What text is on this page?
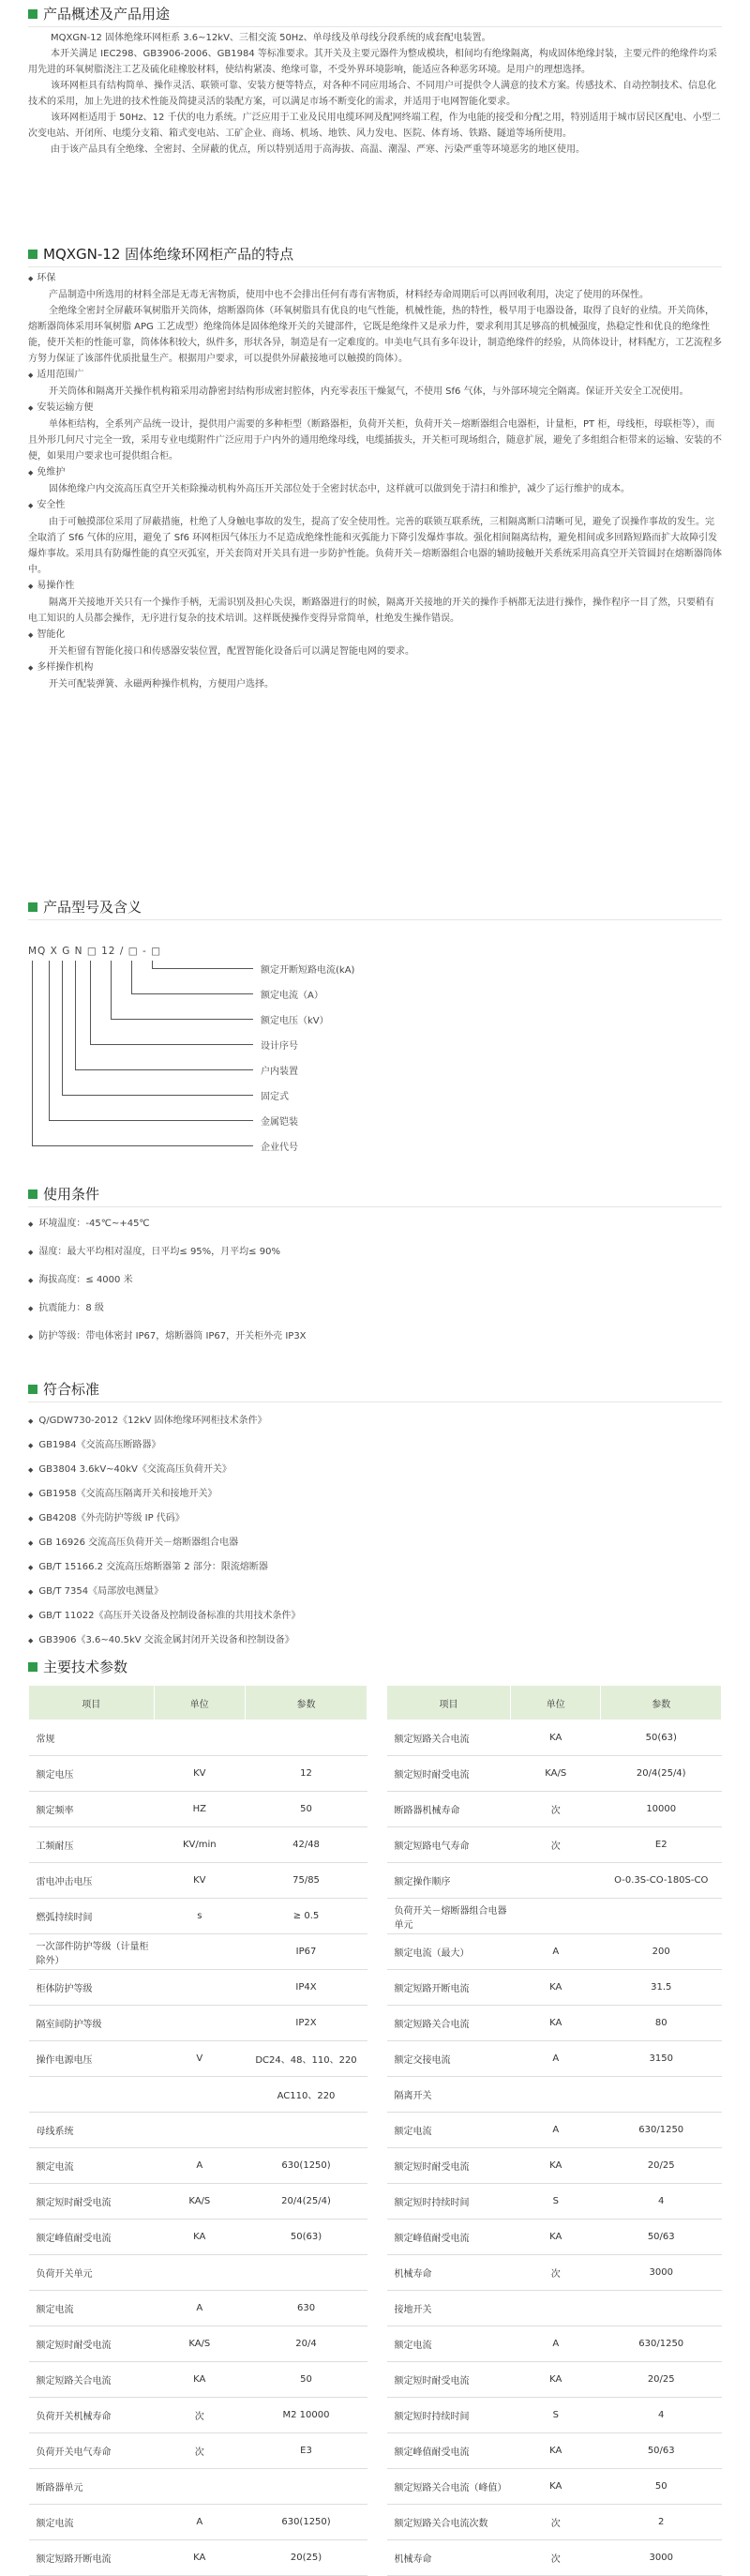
产品概述及产品用途
MQXGN-12 固体绝缘环网柜系 3.6~12kV、三相交流 50Hz、单母线及单母线分段系统的成套配电装置。
本开关满足 IEC298、GB3906-2006、GB1984 等标准要求。其开关及主要元器件为整成模块，相间均有绝缘隔离，构成固体绝缘封装，主要元件的绝缘件均采用先进的环氧树脂浇注工艺及硫化硅橡胶材料，使结构紧凑、绝缘可靠，不受外界环境影响，能适应各种恶劣环境。是用户的理想选择。
该环网柜具有结构简单、操作灵活、联锁可靠、安装方便等特点，对各种不同应用场合、不同用户可提供令人满意的技术方案。传感技术、自动控制技术、信息化技术的采用，加上先进的技术性能及简捷灵活的装配方案，可以满足市场不断变化的需求，并适用于电网智能化要求。
该环网柜适用于 50Hz、12 千伏的电力系统。广泛应用于工业及民用电缆环网及配网终端工程，作为电能的接受和分配之用，特别适用于城市居民区配电、小型二次变电站、开闭所、电缆分支箱、箱式变电站、工矿企业、商场、机场、地铁、风力发电、医院、体育场、铁路、隧道等场所使用。
由于该产品具有全绝缘、全密封、全屏蔽的优点，所以特别适用于高海拔、高温、潮湿、严寒、污染严重等环境恶劣的地区使用。
MQXGN-12 固体绝缘环网柜产品的特点
◆ 环保
产品制造中所选用的材料全部是无毒无害物质，使用中也不会排出任何有毒有害物质，材料经寿命周期后可以再回收利用，决定了使用的环保性。
全绝缘全密封全屏蔽环氧树脂开关筒体，熔断器筒体（环氧树脂具有优良的电气性能，机械性能，热的特性，极早用于电器设备，取得了良好的业绩。开关筒体，熔断器筒体采用环氧树脂 APG 工艺成型）绝缘筒体是固体绝缘开关的关键部件，它既是绝缘件又是承力件，要求利用其足够高的机械强度，热稳定性和优良的绝缘性能，使开关柜的性能可靠，筒体体积较大，纵件多，形状各异，制造是有一定难度的。申美电气具有多年设计，制造绝缘件的经验，从筒体设计，材料配方，工艺流程多方努力保证了该部件优质批量生产。根据用户要求，可以提供外屏蔽接地可以触摸的筒体）。
◆ 适用范围广
开关筒体和隔离开关操作机构箱采用动静密封结构形成密封腔体，内充零表压干燥氮气，不使用 Sf6 气体，与外部环境完全隔离。保证开关安全工况使用。
◆ 安装运输方便
单体柜结构，全系列产品统一设计，提供用户需要的多种柜型（断路器柜，负荷开关柜，负荷开关－熔断器组合电器柜，计量柜，PT 柜，母线柜，母联柜等），而且外形几何尺寸完全一致，采用专业电缆附件广泛应用于户内外的通用绝缘母线，电缆插拔头，开关柜可现场组合，随意扩展，避免了多组组合柜带来的运输、安装的不便，如果用户要求也可提供组合柜。
◆ 免维护
固体绝缘户内交流高压真空开关柜除操动机构外高压开关部位处于全密封状态中，这样就可以做到免于清扫和维护，减少了运行维护的成本。
◆ 安全性
由于可触摸部位采用了屏蔽措施，杜绝了人身触电事故的发生，提高了安全使用性。完善的联锁互联系统，三相隔离断口清晰可见，避免了误操作事故的发生。完全取消了 Sf6 气体的应用，避免了 Sf6 环网柜因气体压力不足造成绝缘性能和灭弧能力下降引发爆炸事故。强化相间隔离结构，避免相间或多回路短路而扩大故障引发爆炸事故。采用具有防爆性能的真空灭弧室，开关套筒对开关具有进一步防护性能。负荷开关－熔断器组合电器的辅助接触开关系统采用高真空开关管圆封在熔断器筒体中。
◆ 易操作性
隔离开关接地开关只有一个操作手柄，无需识别及担心失误，断路器进行的时候，隔离开关接地的开关的操作手柄都无法进行操作，操作程序一目了然，只要稍有电工知识的人员都会操作，无序进行复杂的技术培训。这样既使操作变得异常简单，杜绝发生操作错误。
◆ 智能化
开关柜留有智能化接口和传感器安装位置，配置智能化设备后可以满足智能电网的要求。
◆ 多样操作机构
开关可配装弹簧、永磁两种操作机构，方便用户选择。
产品型号及含义
MQ X G N □ 12 / □ - □
额定开断短路电流(kA)
额定电流（A）
额定电压（kV）
设计序号
户内装置
固定式
金属铠装
企业代号
使用条件
◆ 环境温度：-45℃~+45℃
◆ 湿度：最大平均相对湿度，日平均≤ 95%，月平均≤ 90%
◆ 海拔高度：≤ 4000 米
◆ 抗震能力：8 级
◆ 防护等级：带电体密封 IP67，熔断器筒 IP67，开关柜外壳 IP3X
符合标准
◆ Q/GDW730-2012《12kV 固体绝缘环网柜技术条件》
◆ GB1984《交流高压断路器》
◆ GB3804 3.6kV~40kV《交流高压负荷开关》
◆ GB1958《交流高压隔离开关和接地开关》
◆ GB4208《外壳防护等级 IP 代码》
◆ GB 16926 交流高压负荷开关－熔断器组合电器
◆ GB/T 15166.2 交流高压熔断器第 2 部分：限流熔断器
◆ GB/T 7354《局部放电测量》
◆ GB/T 11022《高压开关设备及控制设备标准的共用技术条件》
◆ GB3906《3.6~40.5kV 交流金属封闭开关设备和控制设备》
主要技术参数
项目	单位	参数
常规		
额定电压	KV	12
额定频率	HZ	50
工频耐压	KV/min	42/48
雷电冲击电压	KV	75/85
燃弧持续时间	s	≥ 0.5
一次部件防护等级（计量柜除外）		IP67
柜体防护等级		IP4X
隔室间防护等级		IP2X
操作电源电压	V	DC24、48、110、220
		AC110、220
母线系统		
额定电流	A	630(1250)
额定短时耐受电流	KA/S	20/4(25/4)
额定峰值耐受电流	KA	50(63)
负荷开关单元		
额定电流	A	630
额定短时耐受电流	KA/S	20/4
额定短路关合电流	KA	50
负荷开关机械寿命	次	M2 10000
负荷开关电气寿命	次	E3
断路器单元		
额定电流	A	630(1250)
额定短路开断电流	KA	20(25)
项目	单位	参数
额定短路关合电流	KA	50(63)
额定短时耐受电流	KA/S	20/4(25/4)
断路器机械寿命	次	10000
额定短路电气寿命	次	E2
额定操作顺序		O-0.3S-CO-180S-CO
负荷开关－熔断器组合电器单元		
额定电流（最大）	A	200
额定短路开断电流	KA	31.5
额定短路关合电流	KA	80
额定交接电流	A	3150
隔离开关		
额定电流	A	630/1250
额定短时耐受电流	KA	20/25
额定短时持续时间	S	4
额定峰值耐受电流	KA	50/63
机械寿命	次	3000
接地开关		
额定电流	A	630/1250
额定短时耐受电流	KA	20/25
额定短时持续时间	S	4
额定峰值耐受电流	KA	50/63
额定短路关合电流（峰值）	KA	50
额定短路关合电流次数	次	2
机械寿命	次	3000
